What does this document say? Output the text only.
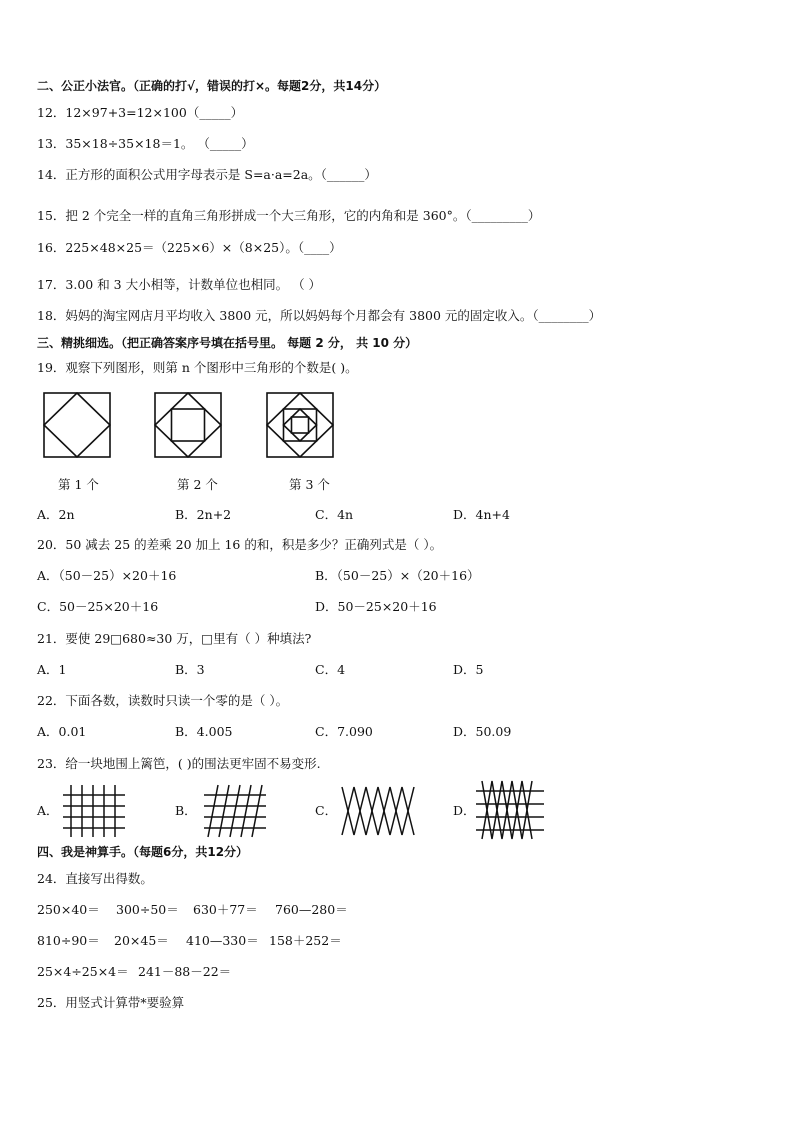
二、公正小法官。（正确的打√，错误的打×。每题2分，共14分）
12．12×97+3=12×100（_____）
13．35×18÷35×18＝1。 （_____）
14．正方形的面积公式用字母表示是 S=a·a=2a。（______）
15．把 2 个完全一样的直角三角形拼成一个大三角形，它的内角和是 360°。（_________）
16．225×48×25＝（225×6）×（8×25）。（____）
17．3.00 和 3 大小相等，计数单位也相同。 （ ）
18．妈妈的淘宝网店月平均收入 3800 元，所以妈妈每个月都会有 3800 元的固定收入。（________）
三、精挑细选。（把正确答案序号填在括号里。 每题 2 分， 共 10 分）
19．观察下列图形，则第 n 个图形中三角形的个数是( )。
第 1 个	第 2 个	第 3 个
A．2n	B．2n+2	C．4n	D．4n+4
20．50 减去 25 的差乘 20 加上 16 的和，积是多少？正确列式是（ ）。
A．（50－25）×20＋16	B．（50－25）×（20＋16）
C．50－25×20＋16	D．50－25×20＋16
21．要使 29□680≈30 万，□里有（ ）种填法?
A．1	B．3	C．4	D．5
22．下面各数，读数时只读一个零的是（ ）。
A．0.01	B．4.005	C．7.090	D．50.09
23．给一块地围上篱笆，( )的围法更牢固不易变形.
A．	B．	C．	D．
四、我是神算手。（每题6分，共12分）
24．直接写出得数。
250×40＝ 300÷50＝ 630＋77＝ 760—280＝
810÷90＝ 20×45＝ 410—330＝ 158＋252＝
25×4÷25×4＝ 241－88－22＝
25．用竖式计算带*要验算
